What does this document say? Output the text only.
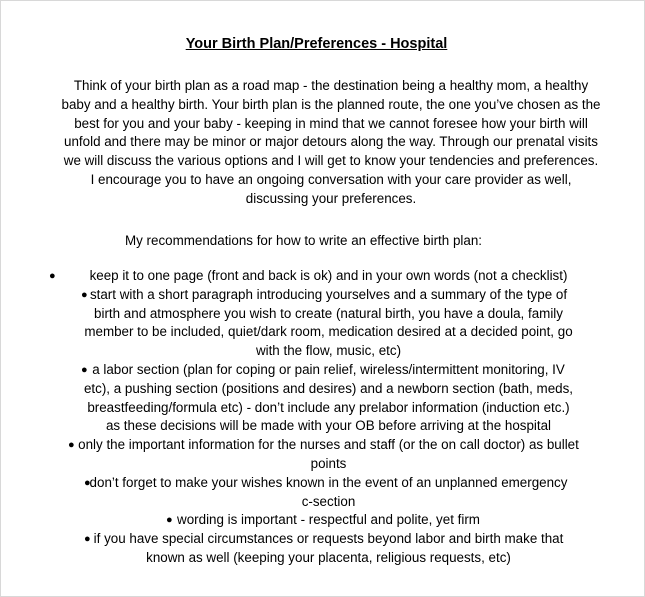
Your Birth Plan/Preferences - Hospital
Think of your birth plan as a road map - the destination being a healthy mom, a healthy
baby and a healthy birth. Your birth plan is the planned route, the one you’ve chosen as the
best for you and your baby - keeping in mind that we cannot foresee how your birth will
unfold and there may be minor or major detours along the way. Through our prenatal visits
we will discuss the various options and I will get to know your tendencies and preferences.
I encourage you to have an ongoing conversation with your care provider as well,
discussing your preferences.
My recommendations for how to write an effective birth plan:
●	keep it to one page (front and back is ok) and in your own words (not a checklist)
● start with a short paragraph introducing yourselves and a summary of the type of
birth and atmosphere you wish to create (natural birth, you have a doula, family
member to be included, quiet/dark room, medication desired at a decided point, go
with the flow, music, etc)
● a labor section (plan for coping or pain relief, wireless/intermittent monitoring, IV
etc), a pushing section (positions and desires) and a newborn section (bath, meds,
breastfeeding/formula etc) - don’t include any prelabor information (induction etc.)
as these decisions will be made with your OB before arriving at the hospital
● only the important information for the nurses and staff (or the on call doctor) as bullet
points
●
don’t forget to make your wishes known in the event of an unplanned emergency
c-section
● wording is important - respectful and polite, yet firm
● if you have special circumstances or requests beyond labor and birth make that
known as well (keeping your placenta, religious requests, etc)
